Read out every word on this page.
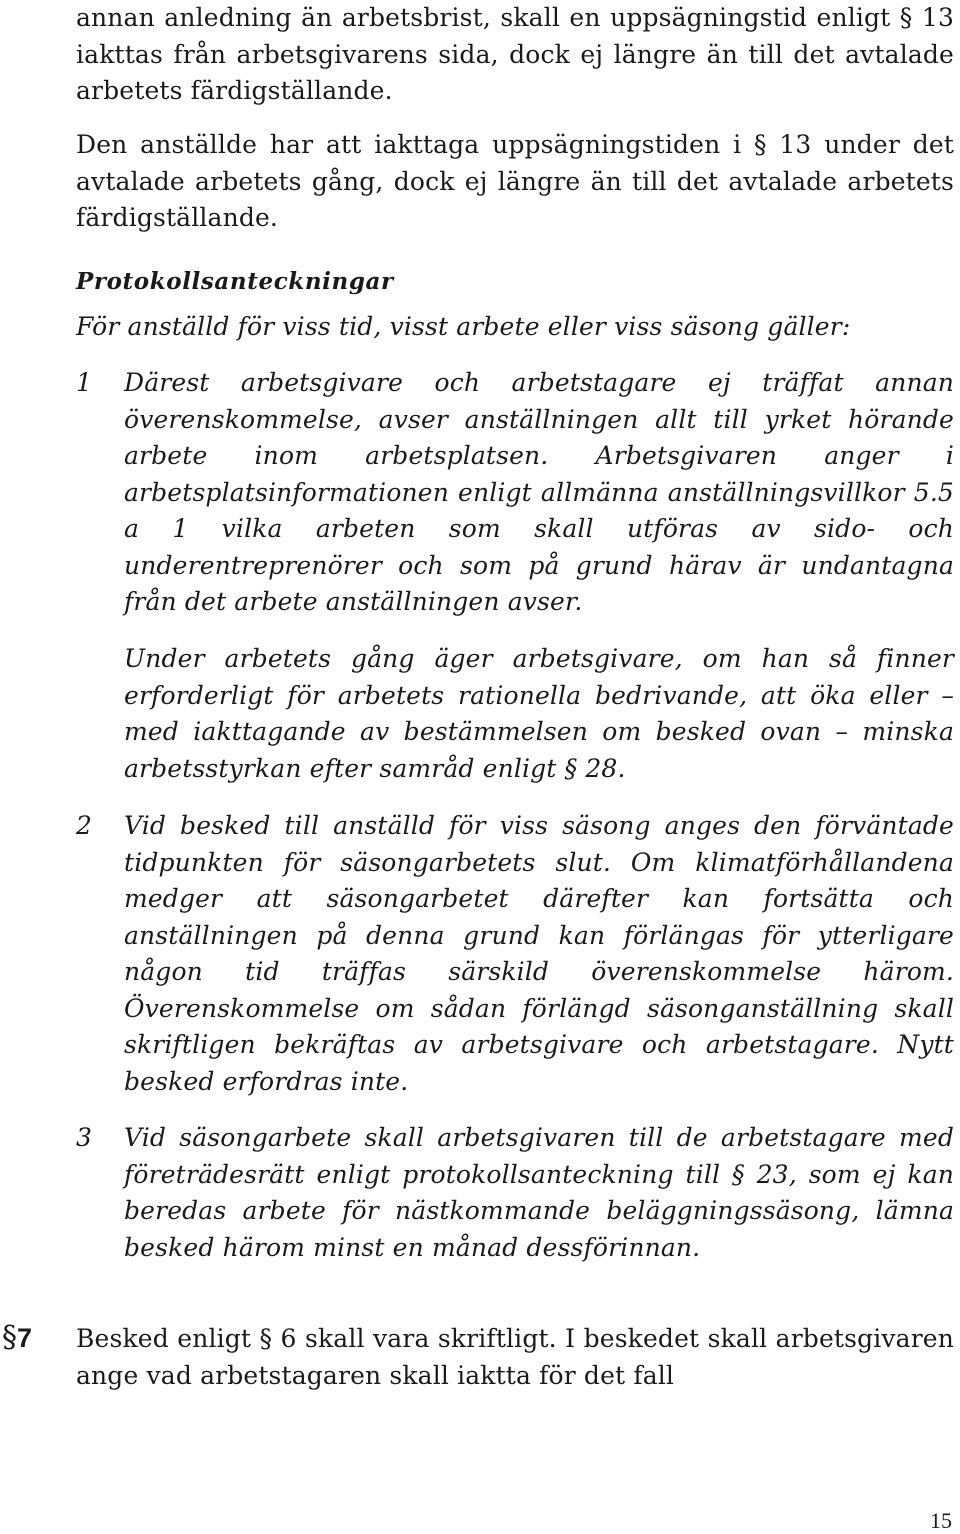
annan anledning än arbetsbrist, skall en uppsägningstid enligt § 13 iakttas från arbetsgivarens sida, dock ej längre än till det avtalade arbetets färdigställande.

Den anställde har att iakttaga uppsägningstiden i § 13 under det avtalade arbetets gång, dock ej längre än till det avtalade arbetets färdigställande.

Protokollsanteckningar

För anställd för viss tid, visst arbete eller viss säsong gäller:

1 Därest arbetsgivare och arbetstagare ej träffat annan överenskommelse, avser anställningen allt till yrket hörande arbete inom arbetsplatsen. Arbetsgivaren anger i arbetsplatsinformationen enligt allmänna anställningsvillkor 5.5 a 1 vilka arbeten som skall utföras av sido- och underentreprenörer och som på grund härav är undantagna från det arbete anställningen avser.

Under arbetets gång äger arbetsgivare, om han så finner erforderligt för arbetets rationella bedrivande, att öka eller – med iakttagande av bestämmelsen om besked ovan – minska arbetsstyrkan efter samråd enligt § 28.

2 Vid besked till anställd för viss säsong anges den förväntade tidpunkten för säsongarbetets slut. Om klimatförhållandena medger att säsongarbetet därefter kan fortsätta och anställningen på denna grund kan förlängas för ytterligare någon tid träffas särskild överenskommelse härom. Överenskommelse om sådan förlängd säsonganställning skall skriftligen bekräftas av arbetsgivare och arbetstagare. Nytt besked erfordras inte.

3 Vid säsongarbete skall arbetsgivaren till de arbetstagare med företrädesrätt enligt protokollsanteckning till § 23, som ej kan beredas arbete för nästkommande beläggningssäsong, lämna besked härom minst en månad dessförinnan.

§7 Besked enligt § 6 skall vara skriftligt. I beskedet skall arbetsgivaren ange vad arbetstagaren skall iaktta för det fall

15
